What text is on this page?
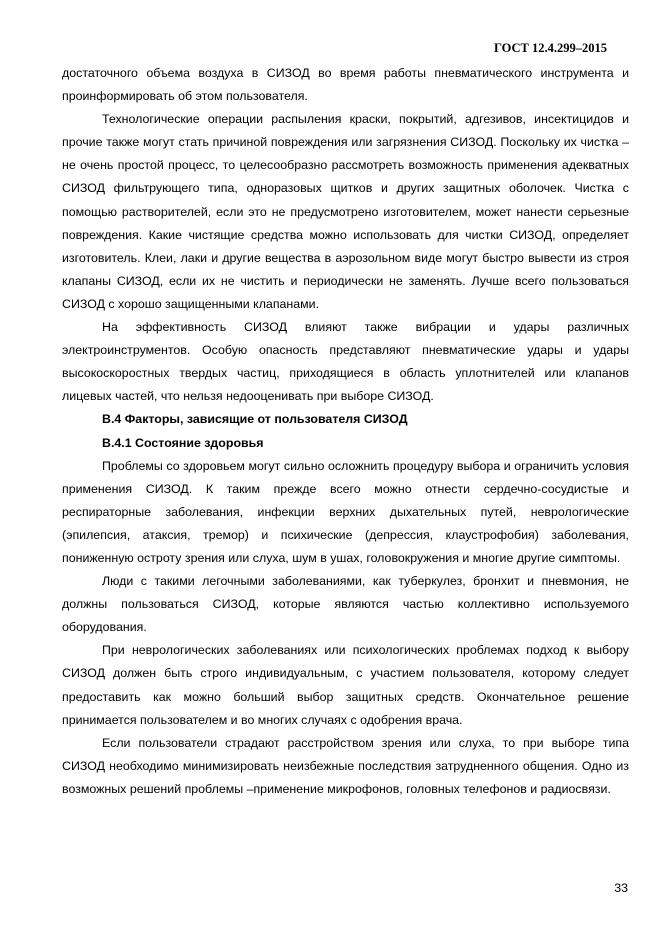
ГОСТ 12.4.299–2015

достаточного объема воздуха в СИЗОД во время работы пневматического инструмента и проинформировать об этом пользователя.

Технологические операции распыления краски, покрытий, адгезивов, инсектицидов и прочие также могут стать причиной повреждения или загрязнения СИЗОД. Поскольку их чистка – не очень простой процесс, то целесообразно рассмотреть возможность применения адекватных СИЗОД фильтрующего типа, одноразовых щитков и других защитных оболочек. Чистка с помощью растворителей, если это не предусмотрено изготовителем, может нанести серьезные повреждения. Какие чистящие средства можно использовать для чистки СИЗОД, определяет изготовитель. Клеи, лаки и другие вещества в аэрозольном виде могут быстро вывести из строя клапаны СИЗОД, если их не чистить и периодически не заменять. Лучше всего пользоваться СИЗОД с хорошо защищенными клапанами.

На эффективность СИЗОД влияют также вибрации и удары различных электроинструментов. Особую опасность представляют пневматические удары и удары высокоскоростных твердых частиц, приходящиеся в область уплотнителей или клапанов лицевых частей, что нельзя недооценивать при выборе СИЗОД.

В.4 Факторы, зависящие от пользователя СИЗОД
В.4.1 Состояние здоровья

Проблемы со здоровьем могут сильно осложнить процедуру выбора и ограничить условия применения СИЗОД. К таким прежде всего можно отнести сердечно-сосудистые и респираторные заболевания, инфекции верхних дыхательных путей, неврологические (эпилепсия, атаксия, тремор) и психические (депрессия, клаустрофобия) заболевания, пониженную остроту зрения или слуха, шум в ушах, головокружения и многие другие симптомы.

Люди с такими легочными заболеваниями, как туберкулез, бронхит и пневмония, не должны пользоваться СИЗОД, которые являются частью коллективно используемого оборудования.

При неврологических заболеваниях или психологических проблемах подход к выбору СИЗОД должен быть строго индивидуальным, с участием пользователя, которому следует предоставить как можно больший выбор защитных средств. Окончательное решение принимается пользователем и во многих случаях с одобрения врача.

Если пользователи страдают расстройством зрения или слуха, то при выборе типа СИЗОД необходимо минимизировать неизбежные последствия затрудненного общения. Одно из возможных решений проблемы –применение микрофонов, головных телефонов и радиосвязи.

33
